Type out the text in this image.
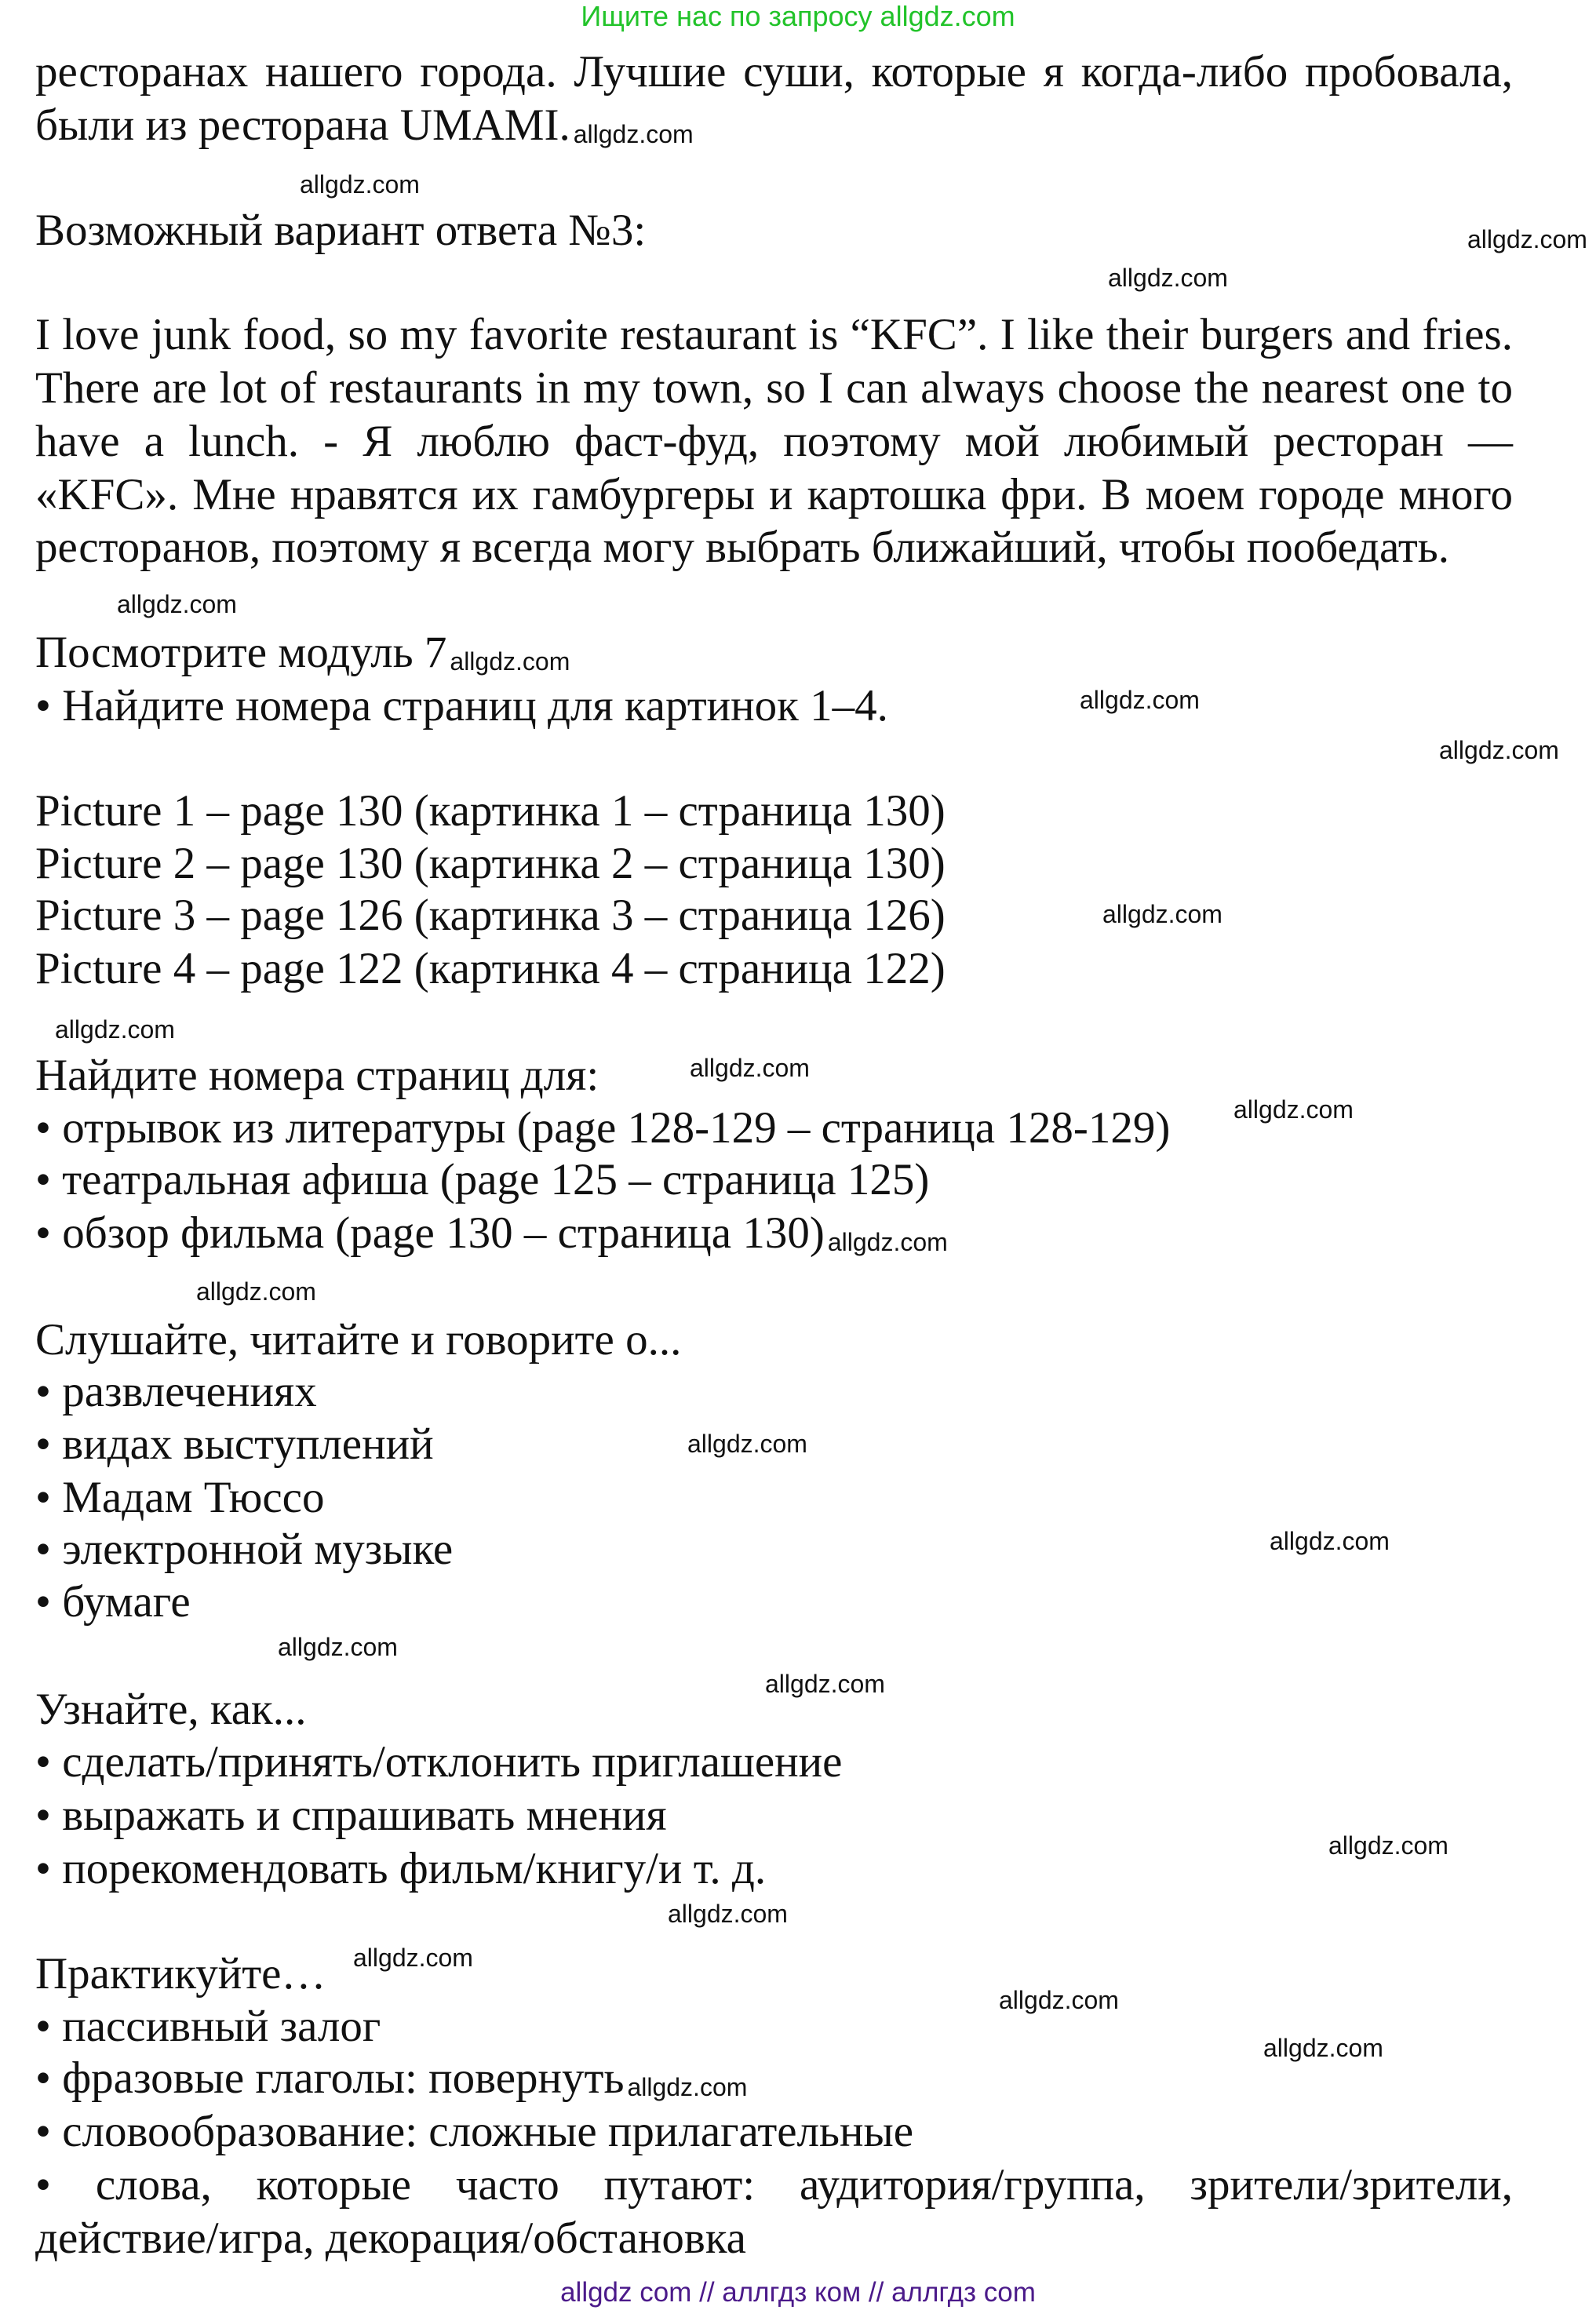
Ищите нас по запросу allgdz.com
ресторанах нашего города. Лучшие суши, которые я когда-либо пробовала,
были из ресторана UMAMI. allgdz.com
Возможный вариант ответа №3:
I love junk food, so my favorite restaurant is “KFC”. I like their burgers and fries.
There are lot of restaurants in my town, so I can always choose the nearest one to
have a lunch. - Я люблю фаст-фуд, поэтому мой любимый ресторан —
«KFC». Мне нравятся их гамбургеры и картошка фри. В моем городе много
ресторанов, поэтому я всегда могу выбрать ближайший, чтобы пообедать.
Посмотрите модуль 7 allgdz.com
• Найдите номера страниц для картинок 1–4.
Picture 1 – page 130 (картинка 1 – страница 130)
Picture 2 – page 130 (картинка 2 – страница 130)
Picture 3 – page 126 (картинка 3 – страница 126)
Picture 4 – page 122 (картинка 4 – страница 122)
Найдите номера страниц для:
• отрывок из литературы (page 128-129 – страница 128-129)
• театральная афиша (page 125 – страница 125)
• обзор фильма (page 130 – страница 130) allgdz.com
Слушайте, читайте и говорите о...
• развлечениях
• видах выступлений
• Мадам Тюссо
• электронной музыке
• бумаге
Узнайте, как...
• сделать/принять/отклонить приглашение
• выражать и спрашивать мнения
• порекомендовать фильм/книгу/и т. д.
Практикуйте…
• пассивный залог
• фразовые глаголы: повернуть allgdz.com
• словообразование: сложные прилагательные
• слова, которые часто путают: аудитория/группа, зрители/зрители,
действие/игра, декорация/обстановка
allgdz.com
allgdz.com
allgdz.com
allgdz.com
allgdz.com
allgdz.com
allgdz.com
allgdz.com
allgdz.com
allgdz.com
allgdz.com
allgdz.com
allgdz.com
allgdz.com
allgdz.com
allgdz.com
allgdz.com
allgdz.com
allgdz.com
allgdz.com
allgdz com // аллгдз ком // аллгдз com
